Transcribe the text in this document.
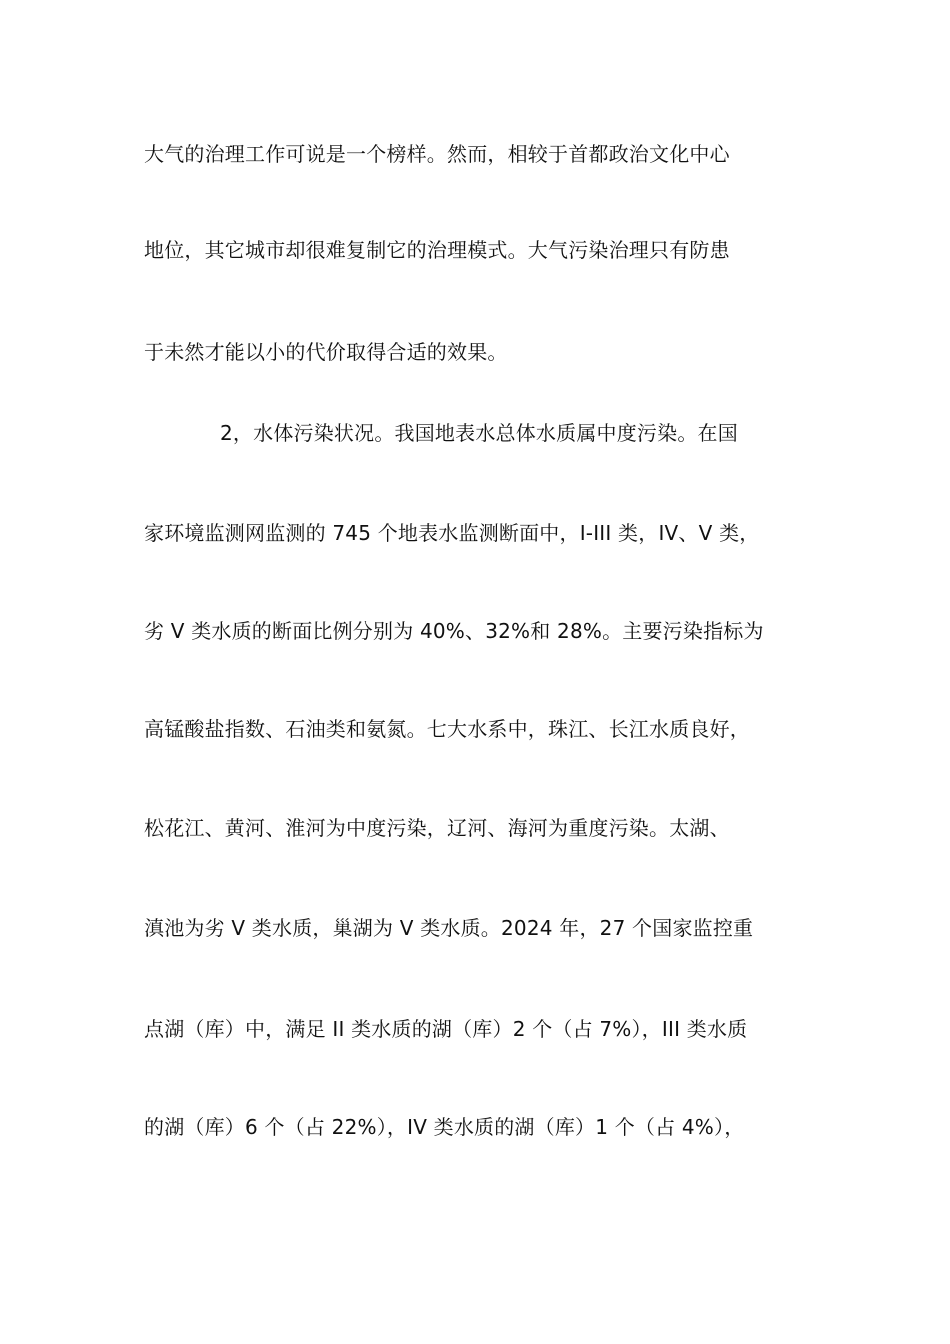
大气的治理工作可说是一个榜样。然而，相较于首都政治文化中心
地位，其它城市却很难复制它的治理模式。大气污染治理只有防患
于未然才能以小的代价取得合适的效果。
2，水体污染状况。我国地表水总体水质属中度污染。在国
家环境监测网监测的 745 个地表水监测断面中，I-III 类，IV、V 类，
劣 V 类水质的断面比例分别为 40%、32%和 28%。主要污染指标为
高锰酸盐指数、石油类和氨氮。七大水系中，珠江、长江水质良好，
松花江、黄河、淮河为中度污染，辽河、海河为重度污染。太湖、
滇池为劣 V 类水质，巢湖为 V 类水质。2024 年，27 个国家监控重
点湖（库）中，满足 II 类水质的湖（库）2 个（占 7%），III 类水质
的湖（库）6 个（占 22%），IV 类水质的湖（库）1 个（占 4%），
